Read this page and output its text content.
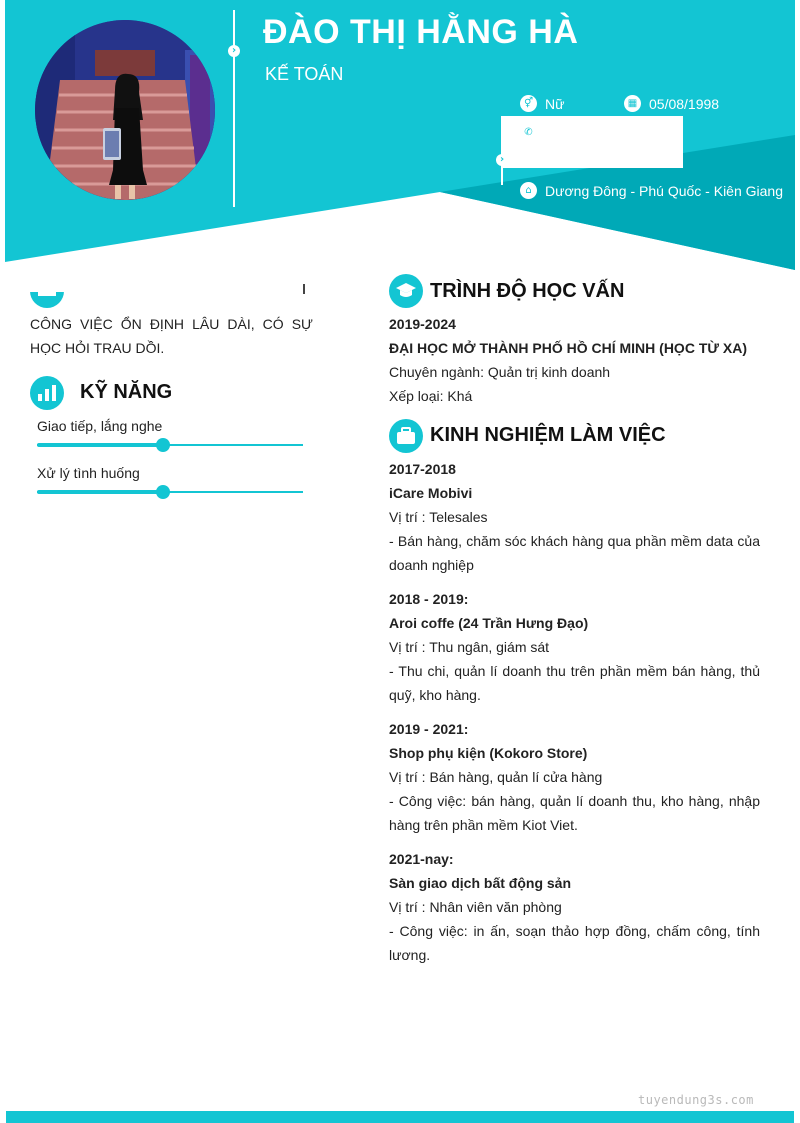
›
›
ĐÀO THỊ HẰNG HÀ
KẾ TOÁN
⚥ Nữ	▦ 05/08/1998
✆
⌂ Dương Đông - Phú Quốc - Kiên Giang
CÔNG VIỆC ỔN ĐỊNH LÂU DÀI, CÓ SỰ HỌC HỎI TRAU DỒI.
KỸ NĂNG
Giao tiếp, lắng nghe
Xử lý tình huống
TRÌNH ĐỘ HỌC VẤN
2019-2024
ĐẠI HỌC MỞ THÀNH PHỐ HỒ CHÍ MINH (HỌC TỪ XA)
Chuyên ngành: Quản trị kinh doanh
Xếp loại: Khá
KINH NGHIỆM LÀM VIỆC
2017-2018
iCare Mobivi
Vị trí : Telesales
- Bán hàng, chăm sóc khách hàng qua phần mềm data của doanh nghiệp
2018 - 2019:
Aroi coffe (24 Trần Hưng Đạo)
Vị trí : Thu ngân, giám sát
- Thu chi, quản lí doanh thu trên phần mềm bán hàng, thủ quỹ, kho hàng.
2019 - 2021:
Shop phụ kiện (Kokoro Store)
Vị trí : Bán hàng, quản lí cửa hàng
- Công việc: bán hàng, quản lí doanh thu, kho hàng, nhập hàng trên phần mềm Kiot Viet.
2021-nay:
Sàn giao dịch bất động sản
Vị trí : Nhân viên văn phòng
- Công việc: in ấn, soạn thảo hợp đồng, chấm công, tính lương.
tuyendung3s.com
